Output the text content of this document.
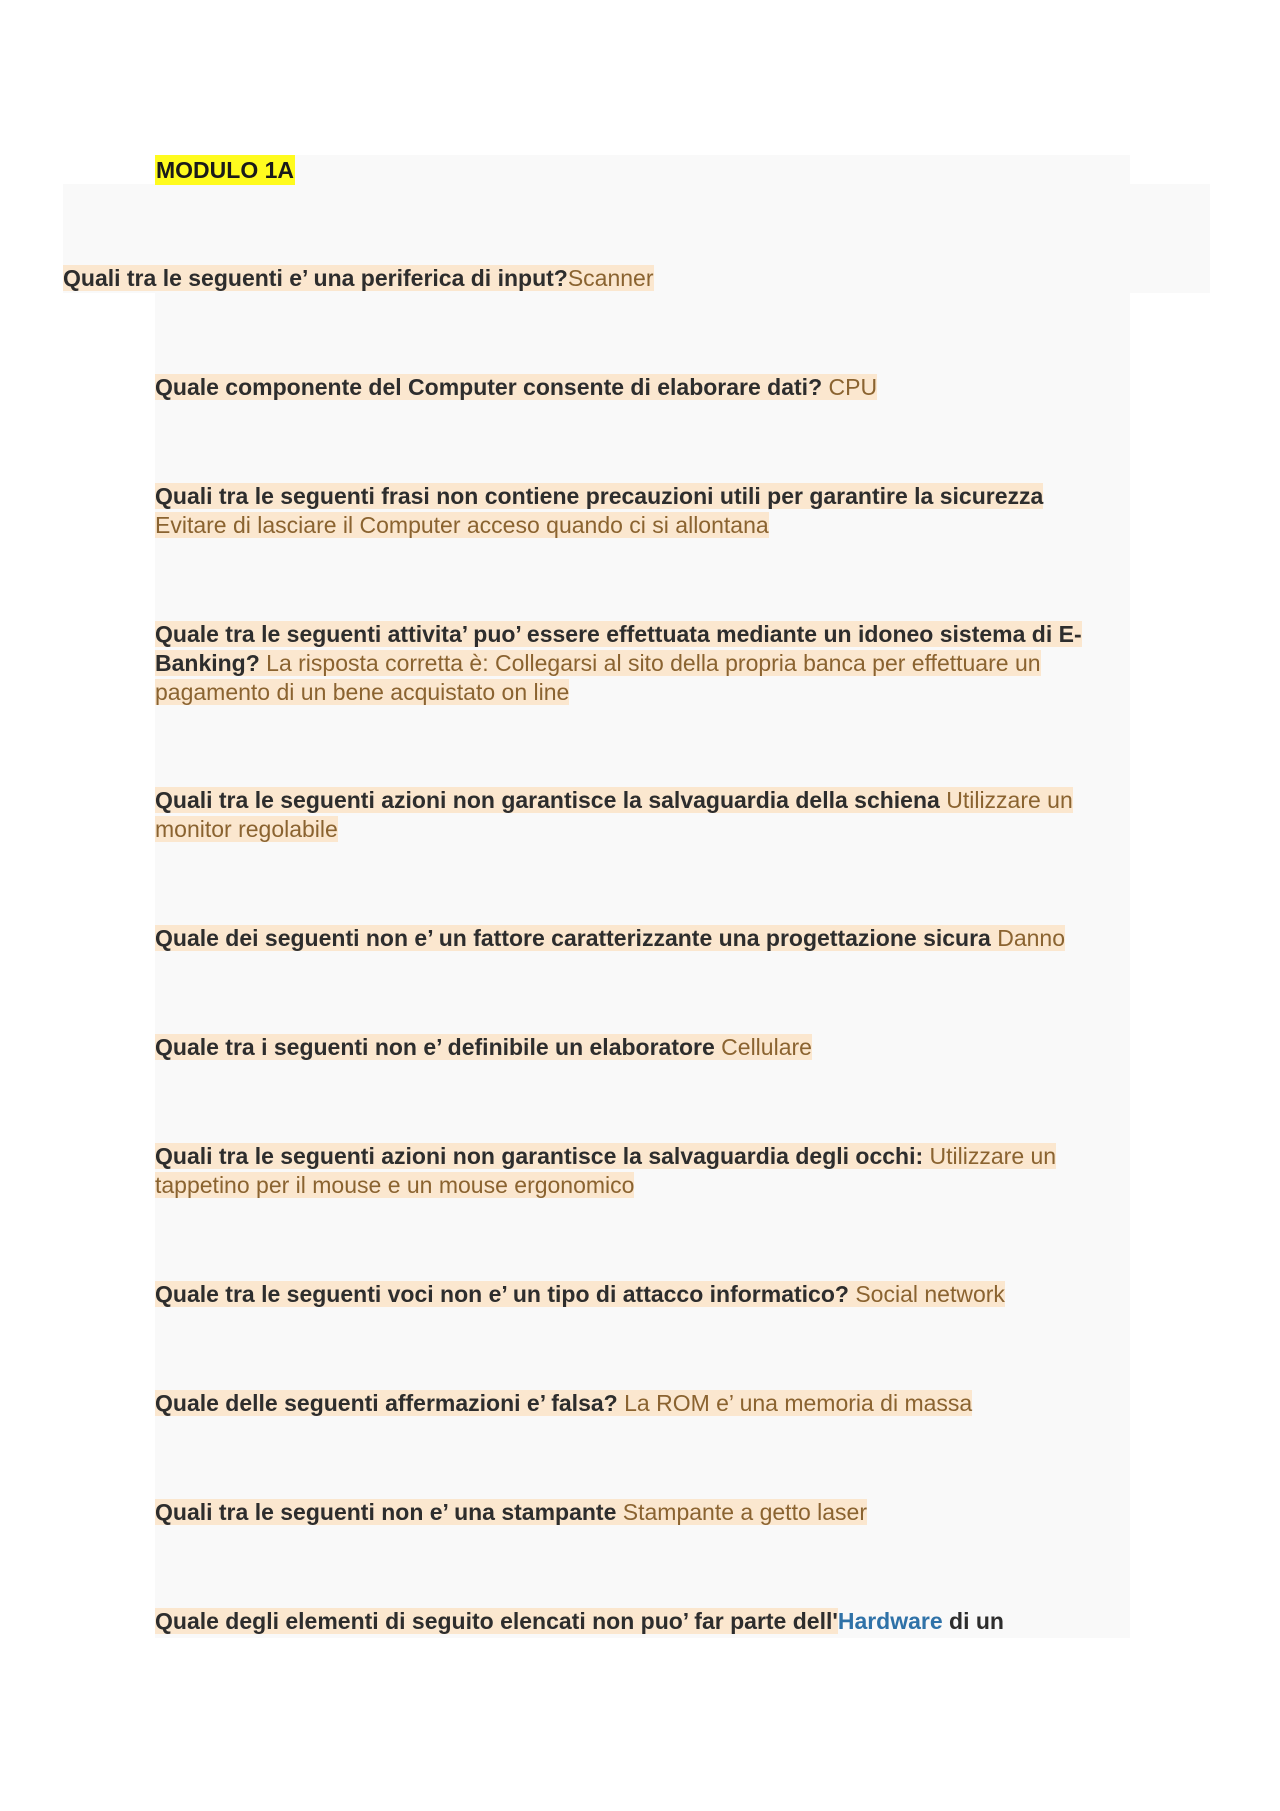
MODULO 1A

Quali tra le seguenti e’ una periferica di input?Scanner

Quale componente del Computer consente di elaborare dati? CPU

Quali tra le seguenti frasi non contiene precauzioni utili per garantire la sicurezza
Evitare di lasciare il Computer acceso quando ci si allontana

Quale tra le seguenti attivita’ puo’ essere effettuata mediante un idoneo sistema di E-Banking? La risposta corretta è: Collegarsi al sito della propria banca per effettuare un pagamento di un bene acquistato on line

Quali tra le seguenti azioni non garantisce la salvaguardia della schiena Utilizzare un monitor regolabile

Quale dei seguenti non e’ un fattore caratterizzante una progettazione sicura Danno

Quale tra i seguenti non e’ definibile un elaboratore Cellulare

Quali tra le seguenti azioni non garantisce la salvaguardia degli occhi: Utilizzare un tappetino per il mouse e un mouse ergonomico

Quale tra le seguenti voci non e’ un tipo di attacco informatico? Social network

Quale delle seguenti affermazioni e’ falsa? La ROM e’ una memoria di massa

Quali tra le seguenti non e’ una stampante Stampante a getto laser

Quale degli elementi di seguito elencati non puo’ far parte dell'Hardware di un
